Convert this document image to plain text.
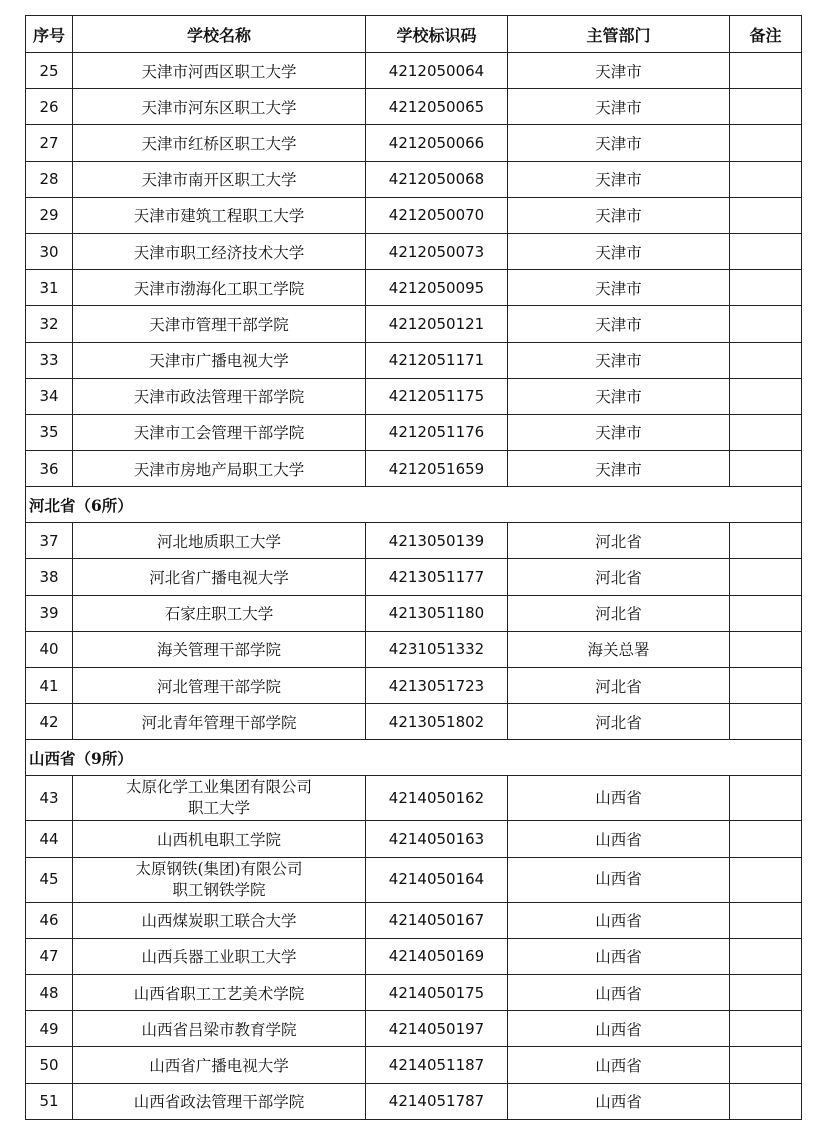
序号	学校名称	学校标识码	主管部门	备注
25	天津市河西区职工大学	4212050064	天津市	
26	天津市河东区职工大学	4212050065	天津市	
27	天津市红桥区职工大学	4212050066	天津市	
28	天津市南开区职工大学	4212050068	天津市	
29	天津市建筑工程职工大学	4212050070	天津市	
30	天津市职工经济技术大学	4212050073	天津市	
31	天津市渤海化工职工学院	4212050095	天津市	
32	天津市管理干部学院	4212050121	天津市	
33	天津市广播电视大学	4212051171	天津市	
34	天津市政法管理干部学院	4212051175	天津市	
35	天津市工会管理干部学院	4212051176	天津市	
36	天津市房地产局职工大学	4212051659	天津市	
河北省（6所）				
37	河北地质职工大学	4213050139	河北省	
38	河北省广播电视大学	4213051177	河北省	
39	石家庄职工大学	4213051180	河北省	
40	海关管理干部学院	4231051332	海关总署	
41	河北管理干部学院	4213051723	河北省	
42	河北青年管理干部学院	4213051802	河北省	
山西省（9所）				
43	太原化学工业集团有限公司
职工大学	4214050162	山西省	
44	山西机电职工学院	4214050163	山西省	
45	太原钢铁(集团)有限公司
职工钢铁学院	4214050164	山西省	
46	山西煤炭职工联合大学	4214050167	山西省	
47	山西兵器工业职工大学	4214050169	山西省	
48	山西省职工工艺美术学院	4214050175	山西省	
49	山西省吕梁市教育学院	4214050197	山西省	
50	山西省广播电视大学	4214051187	山西省	
51	山西省政法管理干部学院	4214051787	山西省	
